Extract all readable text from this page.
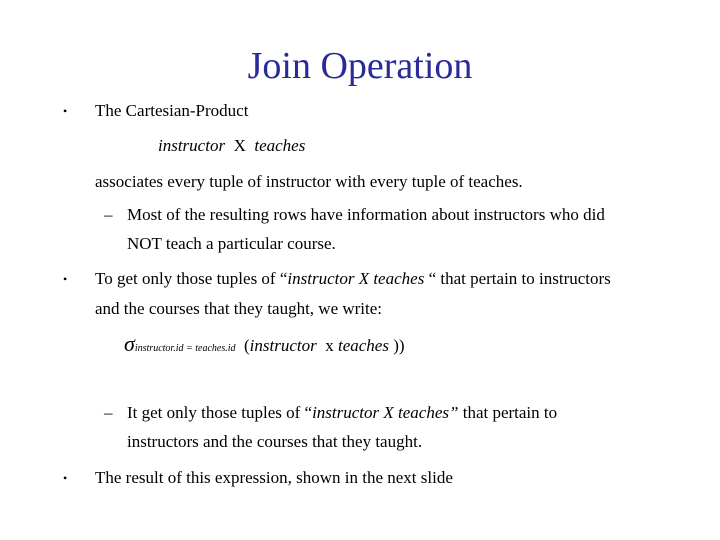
Join Operation
• The Cartesian-Product
instructor X teaches
associates every tuple of instructor with every tuple of teaches.
– Most of the resulting rows have information about instructors who did
NOT teach a particular course.
• To get only those tuples of “instructor X teaches “ that pertain to instructors
and the courses that they taught, we write:
σinstructor.id = teaches.id (instructor x teaches ))
– It get only those tuples of “instructor X teaches” that pertain to
instructors and the courses that they taught.
• The result of this expression, shown in the next slide
